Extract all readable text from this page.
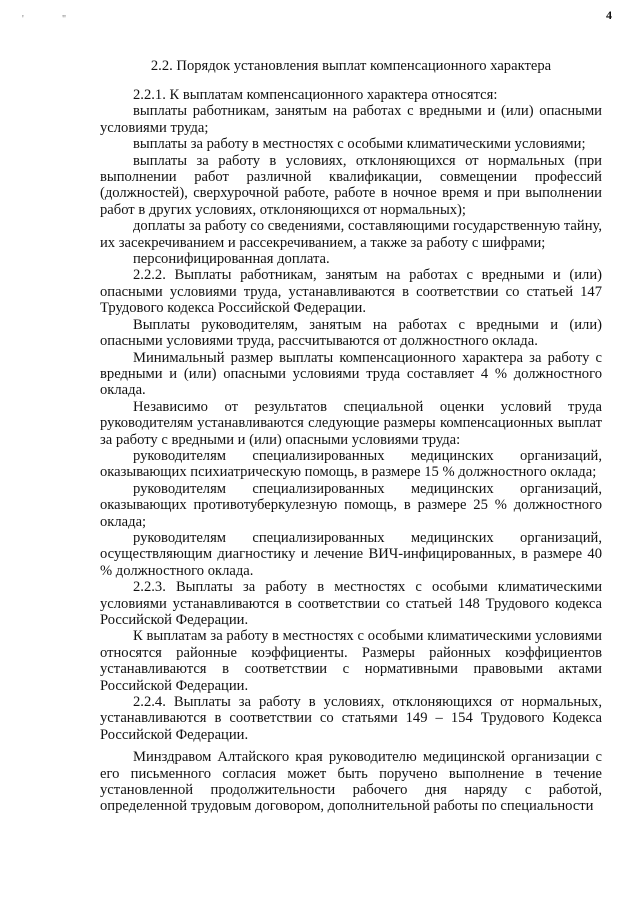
'	"	4
2.2. Порядок установления выплат компенсационного характера

2.2.1. К выплатам компенсационного характера относятся:

выплаты работникам, занятым на работах с вредными и (или) опасными условиями труда;

выплаты за работу в местностях с особыми климатическими условиями;

выплаты за работу в условиях, отклоняющихся от нормальных (при выполнении работ различной квалификации, совмещении профессий (должностей), сверхурочной работе, работе в ночное время и при выполнении работ в других условиях, отклоняющихся от нормальных);

доплаты за работу со сведениями, составляющими государственную тайну, их засекречиванием и рассекречиванием, а также за работу с шифрами;

персонифицированная доплата.

2.2.2. Выплаты работникам, занятым на работах с вредными и (или) опасными условиями труда, устанавливаются в соответствии со статьей 147 Трудового кодекса Российской Федерации.

Выплаты руководителям, занятым на работах с вредными и (или) опасными условиями труда, рассчитываются от должностного оклада.

Минимальный размер выплаты компенсационного характера за работу с вредными и (или) опасными условиями труда составляет 4 % должностного оклада.

Независимо от результатов специальной оценки условий труда руководителям устанавливаются следующие размеры компенсационных выплат за работу с вредными и (или) опасными условиями труда:

руководителям специализированных медицинских организаций, оказывающих психиатрическую помощь, в размере 15 % должностного оклада;

руководителям специализированных медицинских организаций, оказывающих противотуберкулезную помощь, в размере 25 % должностного оклада;

руководителям специализированных медицинских организаций, осуществляющим диагностику и лечение ВИЧ-инфицированных, в размере 40 % должностного оклада.

2.2.3. Выплаты за работу в местностях с особыми климатическими условиями устанавливаются в соответствии со статьей 148 Трудового кодекса Российской Федерации.

К выплатам за работу в местностях с особыми климатическими условиями относятся районные коэффициенты. Размеры районных коэффициентов устанавливаются в соответствии с нормативными правовыми актами Российской Федерации.

2.2.4. Выплаты за работу в условиях, отклоняющихся от нормальных, устанавливаются в соответствии со статьями 149 – 154 Трудового Кодекса Российской Федерации.

Минздравом Алтайского края руководителю медицинской организации с его письменного согласия может быть поручено выполнение в течение установленной продолжительности рабочего дня наряду с работой, определенной трудовым договором, дополнительной работы по специальности
